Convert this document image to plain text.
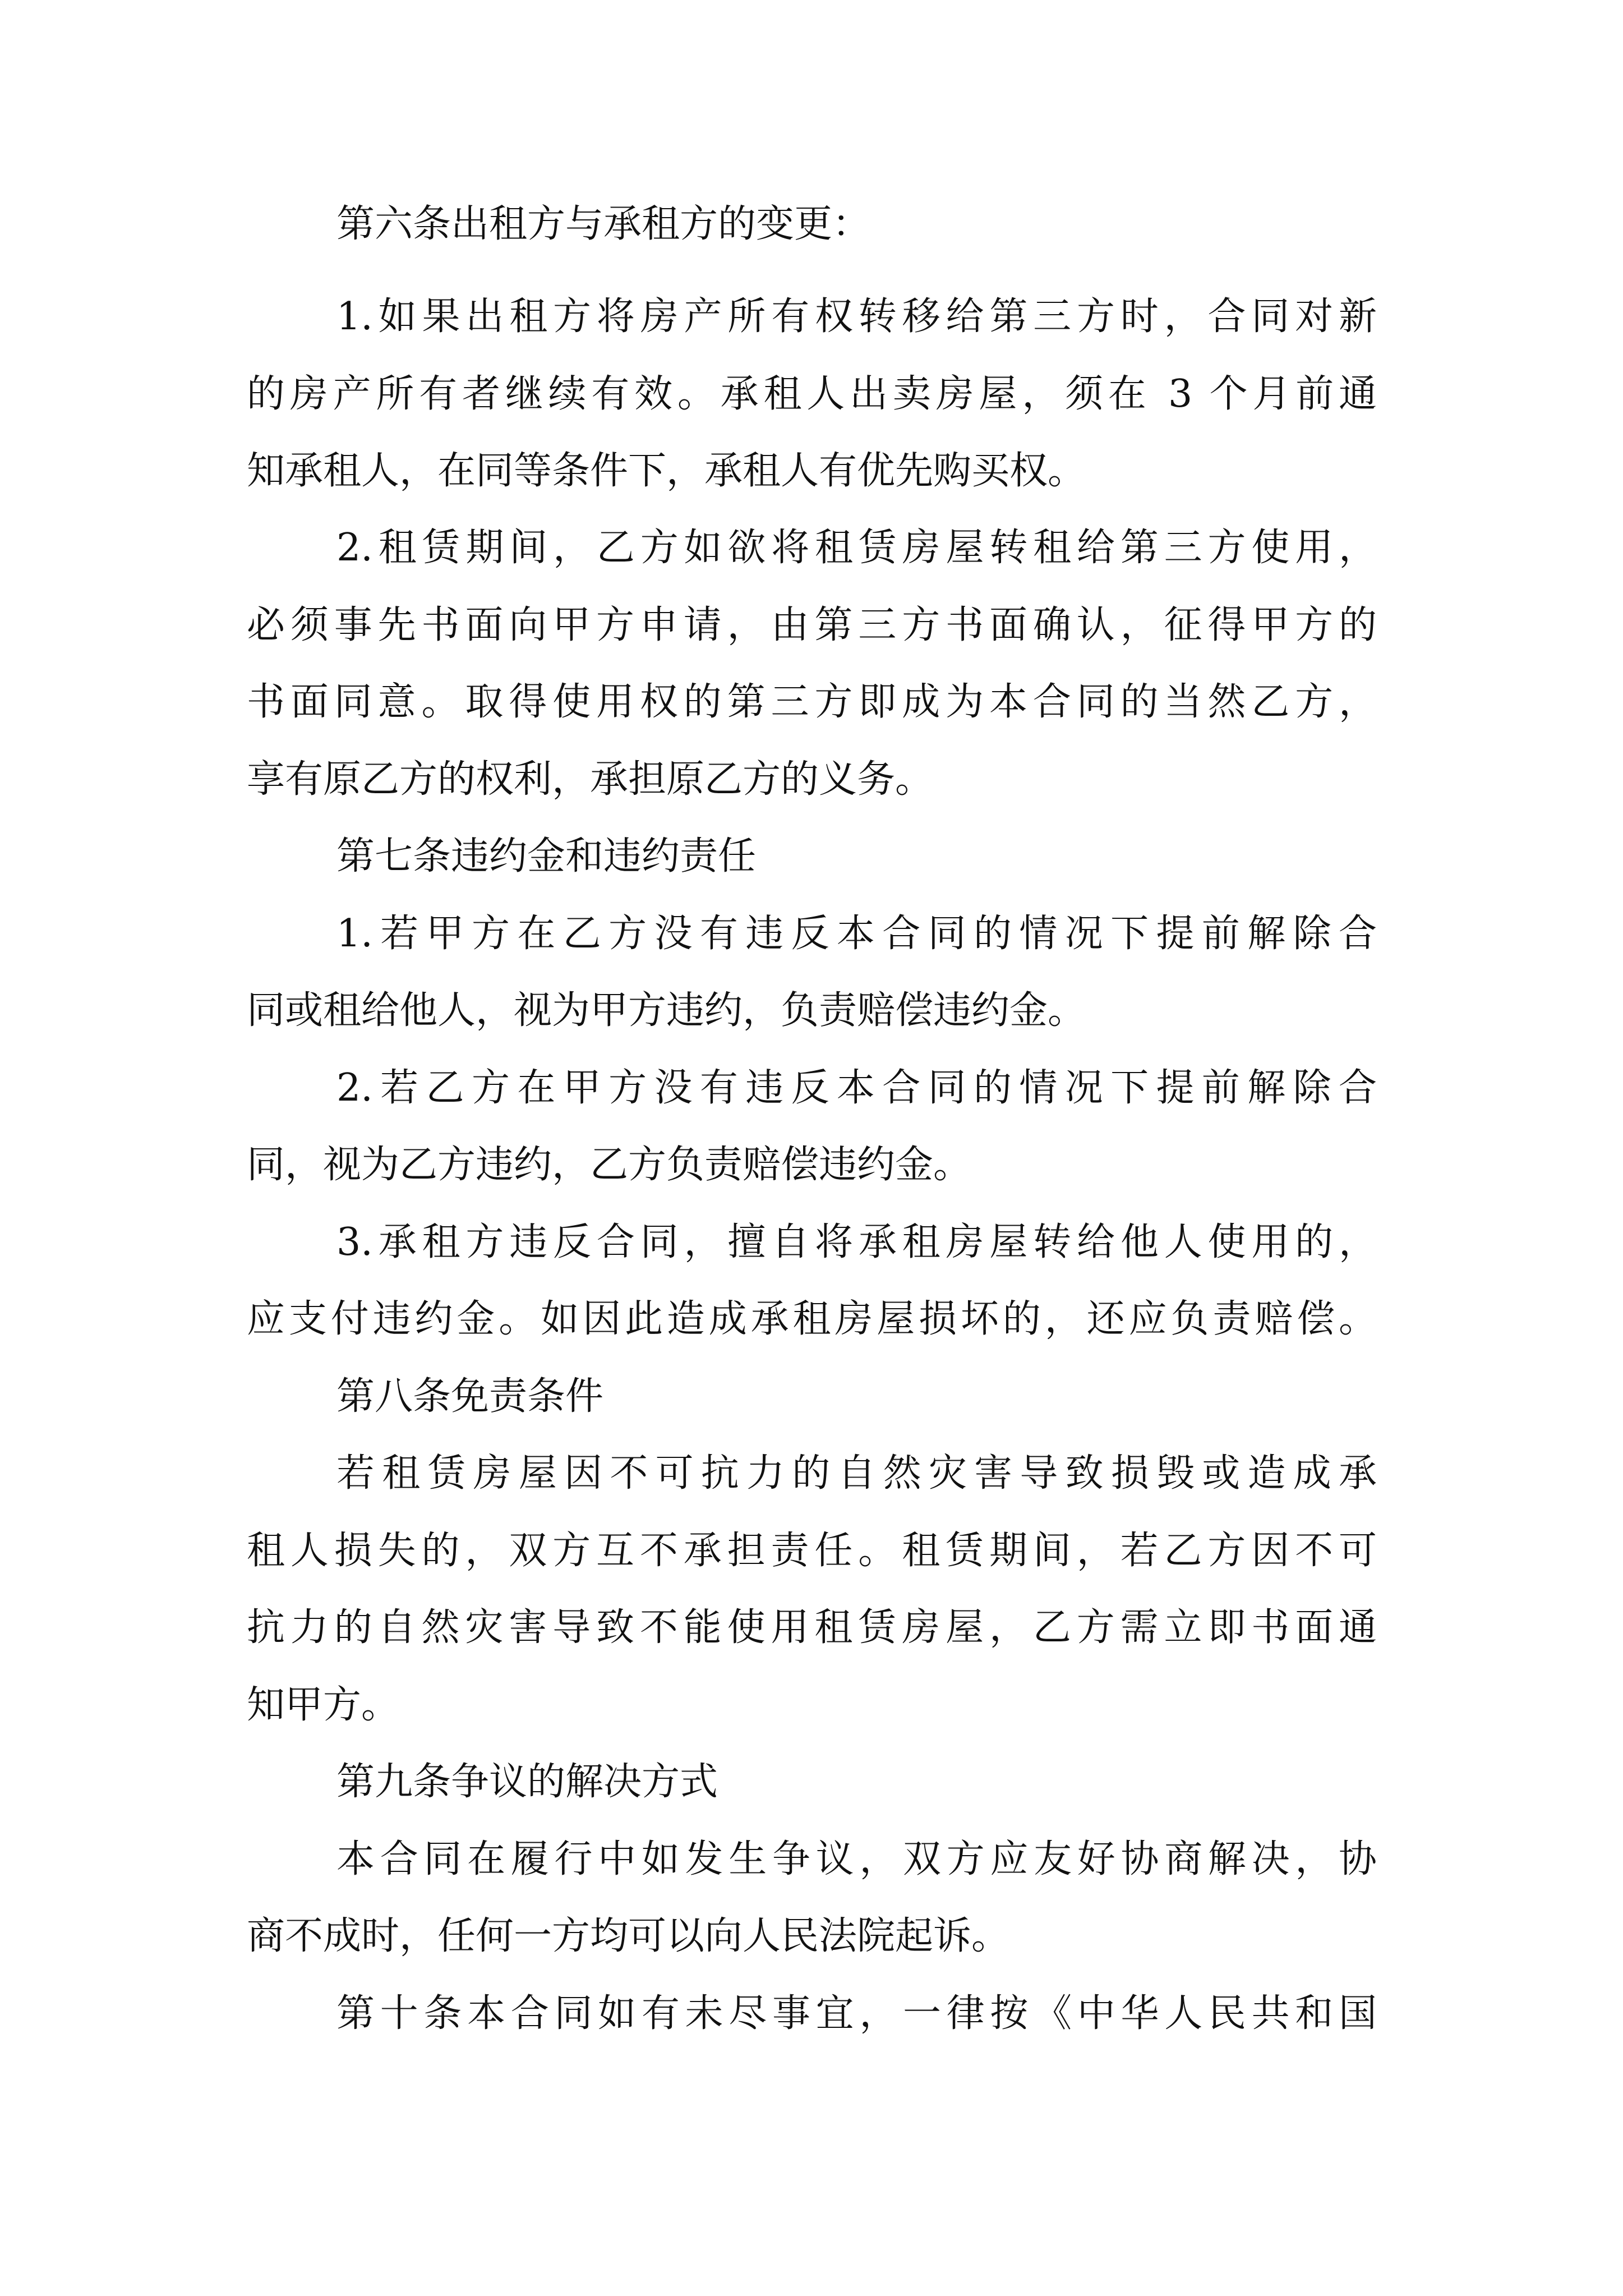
第六条出租方与承租方的变更：
1.如果出租方将房产所有权转移给第三方时，合同对新
的房产所有者继续有效。承租人出卖房屋，须在 3 个月前通
知承租人，在同等条件下，承租人有优先购买权。
2.租赁期间，乙方如欲将租赁房屋转租给第三方使用，
必须事先书面向甲方申请，由第三方书面确认，征得甲方的
书面同意。取得使用权的第三方即成为本合同的当然乙方，
享有原乙方的权利，承担原乙方的义务。
第七条违约金和违约责任
1.若甲方在乙方没有违反本合同的情况下提前解除合
同或租给他人，视为甲方违约，负责赔偿违约金。
2.若乙方在甲方没有违反本合同的情况下提前解除合
同，视为乙方违约，乙方负责赔偿违约金。
3.承租方违反合同，擅自将承租房屋转给他人使用的，
应支付违约金。如因此造成承租房屋损坏的，还应负责赔偿。
第八条免责条件
若租赁房屋因不可抗力的自然灾害导致损毁或造成承
租人损失的，双方互不承担责任。租赁期间，若乙方因不可
抗力的自然灾害导致不能使用租赁房屋，乙方需立即书面通
知甲方。
第九条争议的解决方式
本合同在履行中如发生争议，双方应友好协商解决，协
商不成时，任何一方均可以向人民法院起诉。
第十条本合同如有未尽事宜，一律按《中华人民共和国
